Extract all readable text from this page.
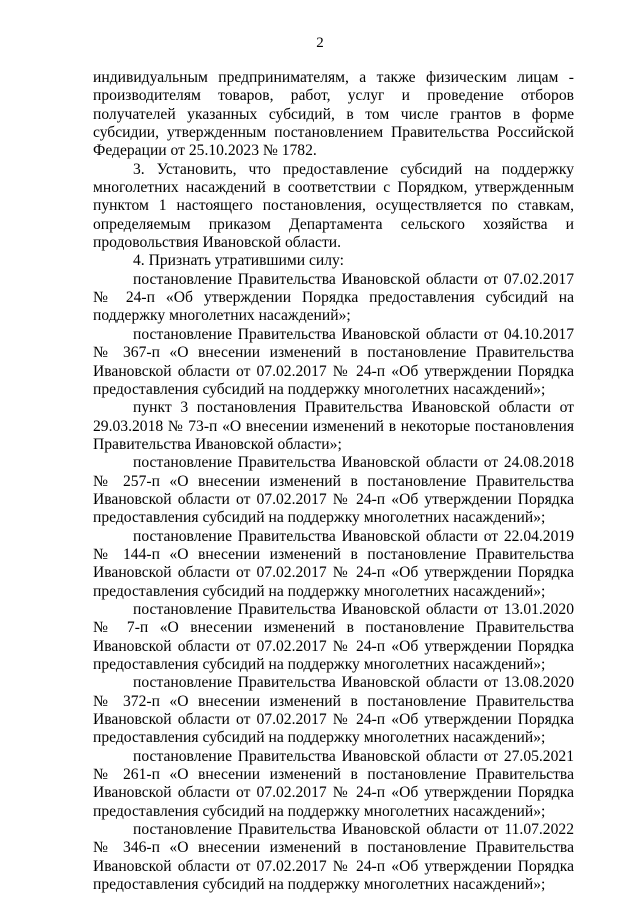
2

индивидуальным предпринимателям, а также физическим лицам - производителям товаров, работ, услуг и проведение отборов получателей указанных субсидий, в том числе грантов в форме субсидии, утвержденным постановлением Правительства Российской Федерации от 25.10.2023 № 1782.

3. Установить, что предоставление субсидий на поддержку многолетних насаждений в соответствии с Порядком, утвержденным пунктом 1 настоящего постановления, осуществляется по ставкам, определяемым приказом Департамента сельского хозяйства и продовольствия Ивановской области.

4. Признать утратившими силу:

постановление Правительства Ивановской области от 07.02.2017 № 24-п «Об утверждении Порядка предоставления субсидий на поддержку многолетних насаждений»;

постановление Правительства Ивановской области от 04.10.2017 № 367-п «О внесении изменений в постановление Правительства Ивановской области от 07.02.2017 № 24-п «Об утверждении Порядка предоставления субсидий на поддержку многолетних насаждений»;

пункт 3 постановления Правительства Ивановской области от 29.03.2018 № 73-п «О внесении изменений в некоторые постановления Правительства Ивановской области»;

постановление Правительства Ивановской области от 24.08.2018 № 257-п «О внесении изменений в постановление Правительства Ивановской области от 07.02.2017 № 24-п «Об утверждении Порядка предоставления субсидий на поддержку многолетних насаждений»;

постановление Правительства Ивановской области от 22.04.2019 № 144-п «О внесении изменений в постановление Правительства Ивановской области от 07.02.2017 № 24-п «Об утверждении Порядка предоставления субсидий на поддержку многолетних насаждений»;

постановление Правительства Ивановской области от 13.01.2020 № 7-п «О внесении изменений в постановление Правительства Ивановской области от 07.02.2017 № 24-п «Об утверждении Порядка предоставления субсидий на поддержку многолетних насаждений»;

постановление Правительства Ивановской области от 13.08.2020 № 372-п «О внесении изменений в постановление Правительства Ивановской области от 07.02.2017 № 24-п «Об утверждении Порядка предоставления субсидий на поддержку многолетних насаждений»;

постановление Правительства Ивановской области от 27.05.2021 № 261-п «О внесении изменений в постановление Правительства Ивановской области от 07.02.2017 № 24-п «Об утверждении Порядка предоставления субсидий на поддержку многолетних насаждений»;

постановление Правительства Ивановской области от 11.07.2022 № 346-п «О внесении изменений в постановление Правительства Ивановской области от 07.02.2017 № 24-п «Об утверждении Порядка предоставления субсидий на поддержку многолетних насаждений»;
